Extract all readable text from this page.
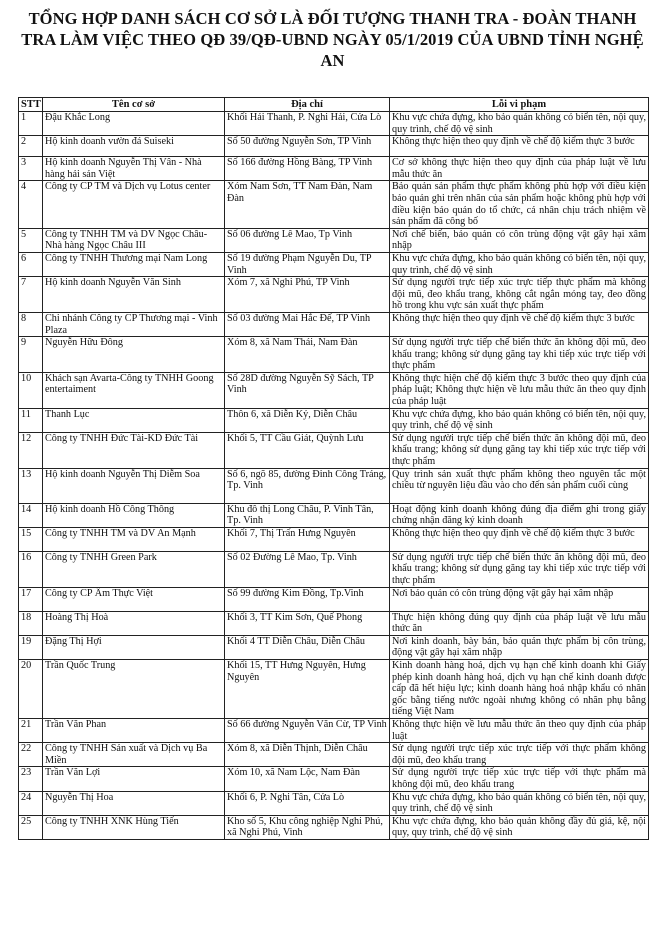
TỔNG HỢP DANH SÁCH CƠ SỞ LÀ ĐỐI TƯỢNG THANH TRA - ĐOÀN THANH TRA LÀM VIỆC THEO QĐ 39/QĐ-UBND NGÀY 05/1/2019 CỦA UBND TỈNH NGHỆ AN
STT	Tên cơ sở	Địa chỉ	Lỗi vi phạm
1	Đậu Khắc Long	Khối Hải Thanh, P. Nghi Hải, Cửa Lò	Khu vực chứa đựng, kho bảo quản không có biển tên, nội quy, quy trình, chế độ vệ sinh
2	Hộ kinh doanh vườn đá Suiseki	Số 50 đường Nguyễn Sơn, TP Vinh	Không thực hiện theo quy định về chế độ kiểm thực 3 bước
3	Hộ kinh doanh Nguyễn Thị Vân - Nhà hàng hải sản Việt	Số 166 đường Hồng Bàng, TP Vinh	Cơ sở không thực hiện theo quy định của pháp luật về lưu mẫu thức ăn
4	Công ty CP TM và Dịch vụ Lotus center	Xóm Nam Sơn, TT Nam Đàn, Nam Đàn	Bảo quản sản phẩm thực phẩm không phù hợp với điều kiện bảo quản ghi trên nhãn của sản phẩm hoặc không phù hợp với điều kiện bảo quản do tổ chức, cá nhân chịu trách nhiệm về sản phẩm đã công bố
5	Công ty TNHH TM và DV Ngọc Châu-Nhà hàng Ngọc Châu III	Số 06 đường Lê Mao, Tp Vinh	Nơi chế biến, bảo quản có côn trùng động vật gây hại xâm nhập
6	Công ty TNHH Thương mại Nam Long	Số 19 đường Phạm Nguyễn Du, TP Vinh	Khu vực chứa đựng, kho bảo quản không có biển tên, nội quy, quy trình, chế độ vệ sinh
7	Hộ kinh doanh Nguyễn Văn Sinh	Xóm 7, xã Nghi Phú, TP Vinh	Sử dụng người trực tiếp xúc trực tiếp thực phẩm mà không đội mũ, đeo khẩu trang, không cắt ngắn móng tay, đeo đồng hồ trong khu vực sản xuất thực phẩm
8	Chi nhánh Công ty CP Thương mại - Vinh Plaza	Số 03 đường Mai Hắc Đế, TP Vinh	Không thực hiện theo quy định về chế độ kiểm thực 3 bước
9	Nguyễn Hữu Đông	Xóm 8, xã Nam Thái, Nam Đàn	Sử dụng người trực tiếp chế biến thức ăn không đội mũ, đeo khẩu trang; không sử dụng găng tay khi tiếp xúc trực tiếp với thực phẩm
10	Khách sạn Avarta-Công ty TNHH Goong entertaiment	Số 28D đường Nguyễn Sỹ Sách, TP Vinh	Không thực hiện chế độ kiểm thực 3 bước theo quy định của pháp luật; Không thực hiện về lưu mẫu thức ăn theo quy định của pháp luật
11	Thanh Lục	Thôn 6, xã Diễn Kỷ, Diễn Châu	Khu vực chứa đựng, kho bảo quản không có biển tên, nội quy, quy trình, chế độ vệ sinh
12	Công ty TNHH Đức Tài-KD Đức Tài	Khối 5, TT Cầu Giát, Quỳnh Lưu	Sử dụng người trực tiếp chế biến thức ăn không đội mũ, đeo khẩu trang; không sử dụng găng tay khi tiếp xúc trực tiếp với thực phẩm
13	Hộ kinh doanh Nguyễn Thị Diễm Soa	Số 6, ngõ 85, đường Đinh Công Tráng, Tp. Vinh	Quy trình sản xuất thực phẩm không theo nguyên tắc một chiều từ nguyên liệu đầu vào cho đến sản phẩm cuối cùng
14	Hộ kinh doanh Hồ Công Thông	Khu đô thị Long Châu, P. Vinh Tân, Tp. Vinh	Hoạt động kinh doanh không đúng địa điểm ghi trong giấy chứng nhận đăng ký kinh doanh
15	Công ty TNHH TM và DV An Mạnh	Khối 7, Thị Trấn Hưng Nguyên	Không thực hiện theo quy định về chế độ kiểm thực 3 bước
16	Công ty TNHH Green Park	Số 02 Đường Lê Mao, Tp. Vinh	Sử dụng người trực tiếp chế biến thức ăn không đội mũ, đeo khẩu trang; không sử dụng găng tay khi tiếp xúc trực tiếp với thực phẩm
17	Công ty CP Ẩm Thực Việt	Số 99 đường Kim Đồng, Tp.Vinh	Nơi bảo quản có côn trùng động vật gây hại xâm nhập
18	Hoàng Thị Hoà	Khối 3, TT Kim Sơn, Quế Phong	Thực hiện không đúng quy định của pháp luật về lưu mẫu thức ăn
19	Đặng Thị Hợi	Khối 4 TT Diễn Châu, Diễn Châu	Nơi kinh doanh, bày bán, bảo quản thực phẩm bị côn trùng, động vật gây hại xâm nhập
20	Trần Quốc Trung	Khối 15, TT Hưng Nguyên, Hưng Nguyên	Kinh doanh hàng hoá, dịch vụ hạn chế kinh doanh khi Giấy phép kinh doanh hàng hoá, dịch vụ hạn chế kinh doanh được cấp đã hết hiệu lực; kinh doanh hàng hoá nhập khẩu có nhãn gốc bằng tiếng nước ngoài nhưng không có nhãn phụ bằng tiếng Việt Nam
21	Trần Văn Phan	Số 66 đường Nguyễn Văn Cừ, TP Vinh	Không thực hiện về lưu mẫu thức ăn theo quy định của pháp luật
22	Công ty TNHH Sản xuất và Dịch vụ Ba Miền	Xóm 8, xã Diễn Thịnh, Diễn Châu	Sử dụng người trực tiếp xúc trực tiếp với thực phẩm không đội mũ, đeo khẩu trang
23	Trần Văn Lợi	Xóm 10, xã Nam Lộc, Nam Đàn	Sử dụng người trực tiếp xúc trực tiếp với thực phẩm mà không đội mũ, đeo khẩu trang
24	Nguyễn Thị Hoa	Khối 6, P. Nghi Tân, Cửa Lò	Khu vực chứa đựng, kho bảo quản không có biển tên, nội quy, quy trình, chế độ vệ sinh
25	Công ty TNHH XNK Hùng Tiến	Kho số 5, Khu công nghiệp Nghi Phú, xã Nghi Phú, Vinh	Khu vực chứa đựng, kho bảo quản không đầy đủ giá, kệ, nội quy, quy trình, chế độ vệ sinh
